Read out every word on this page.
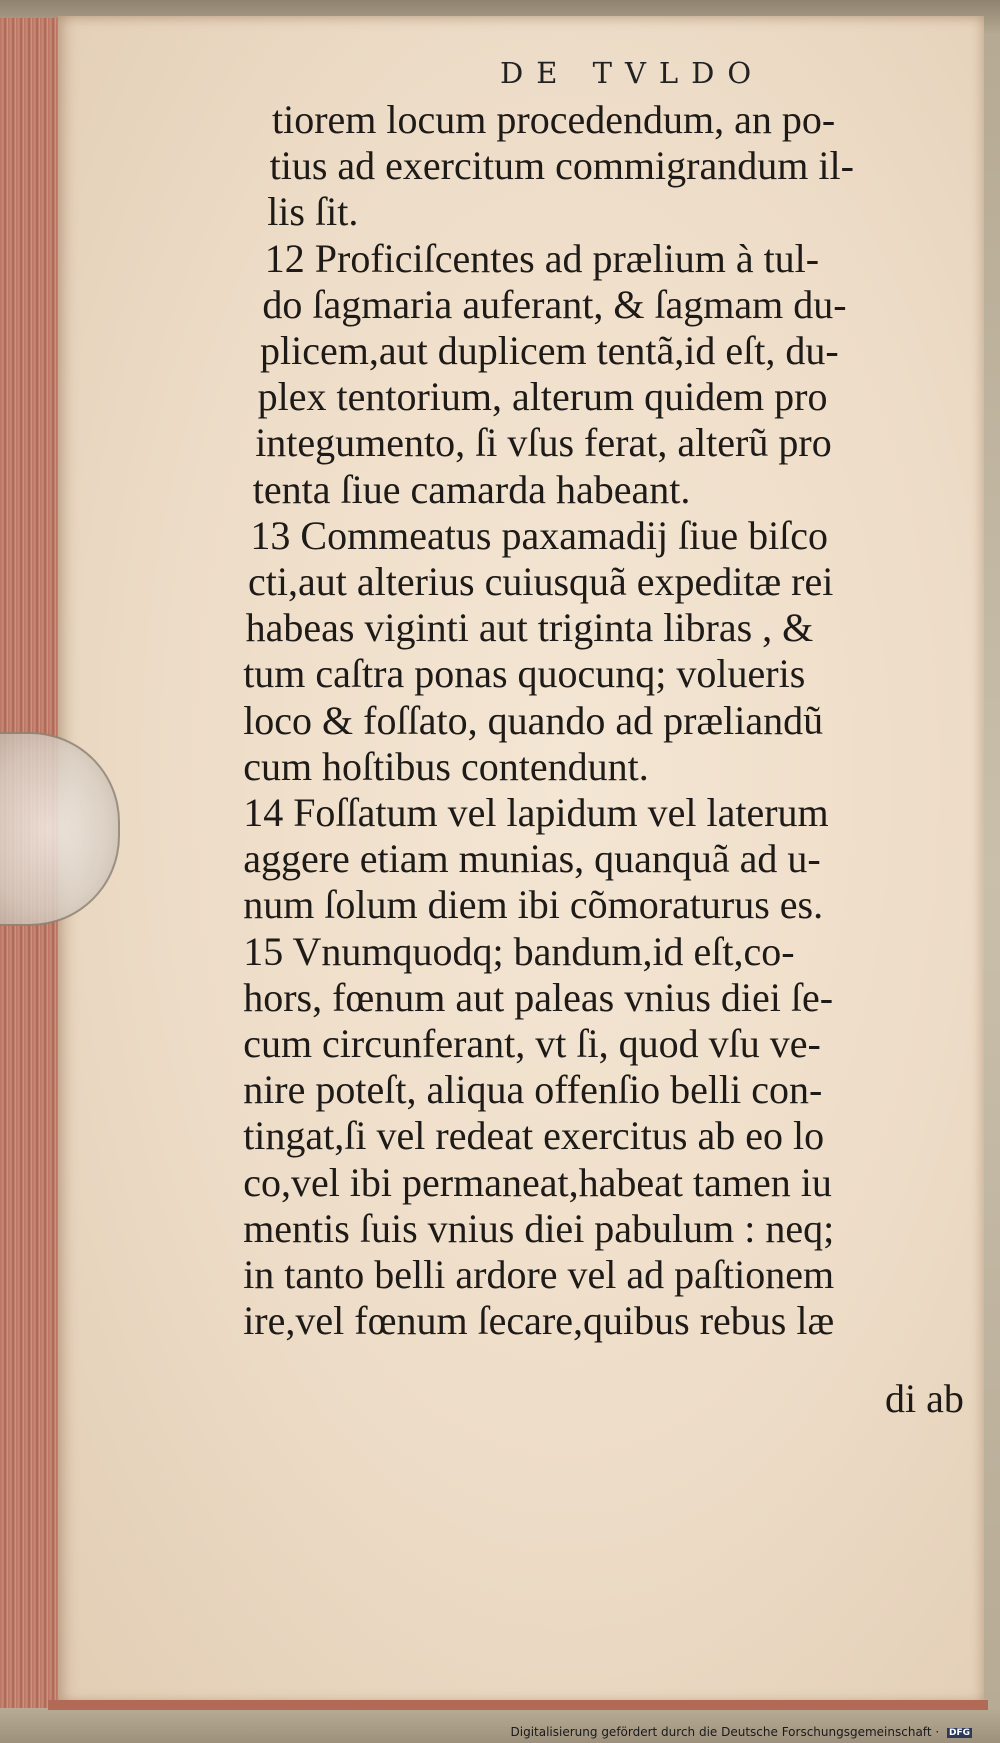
DE TVLDO
tiorem locum procedendum, an po-
tius ad exercitum commigrandum il-
lis ſit.
12 Proficiſcentes ad prælium à tul-
do ſagmaria auferant, & ſagmam du-
plicem,aut duplicem tentã,id eſt, du-
plex tentorium, alterum quidem pro
integumento, ſi vſus ferat, alterũ pro
tenta ſiue camarda habeant.
13 Commeatus paxamadij ſiue biſco
cti,aut alterius cuiusquã expeditæ rei
habeas viginti aut triginta libras , &
tum caſtra ponas quocunq; volueris
loco & foſſato, quando ad præliandũ
cum hoſtibus contendunt.
14 Foſſatum vel lapidum vel laterum
aggere etiam munias, quanquã ad u-
num ſolum diem ibi cõmoraturus es.
15 Vnumquodq; bandum,id eſt,co-
hors, fœnum aut paleas vnius diei ſe-
cum circunferant, vt ſi, quod vſu ve-
nire poteſt, aliqua offenſio belli con-
tingat,ſi vel redeat exercitus ab eo lo
co,vel ibi permaneat,habeat tamen iu
mentis ſuis vnius diei pabulum : neq;
in tanto belli ardore vel ad paſtionem
ire,vel fœnum ſecare,quibus rebus læ
di ab
Digitalisierung gefördert durch die Deutsche Forschungsgemeinschaft · DFG
